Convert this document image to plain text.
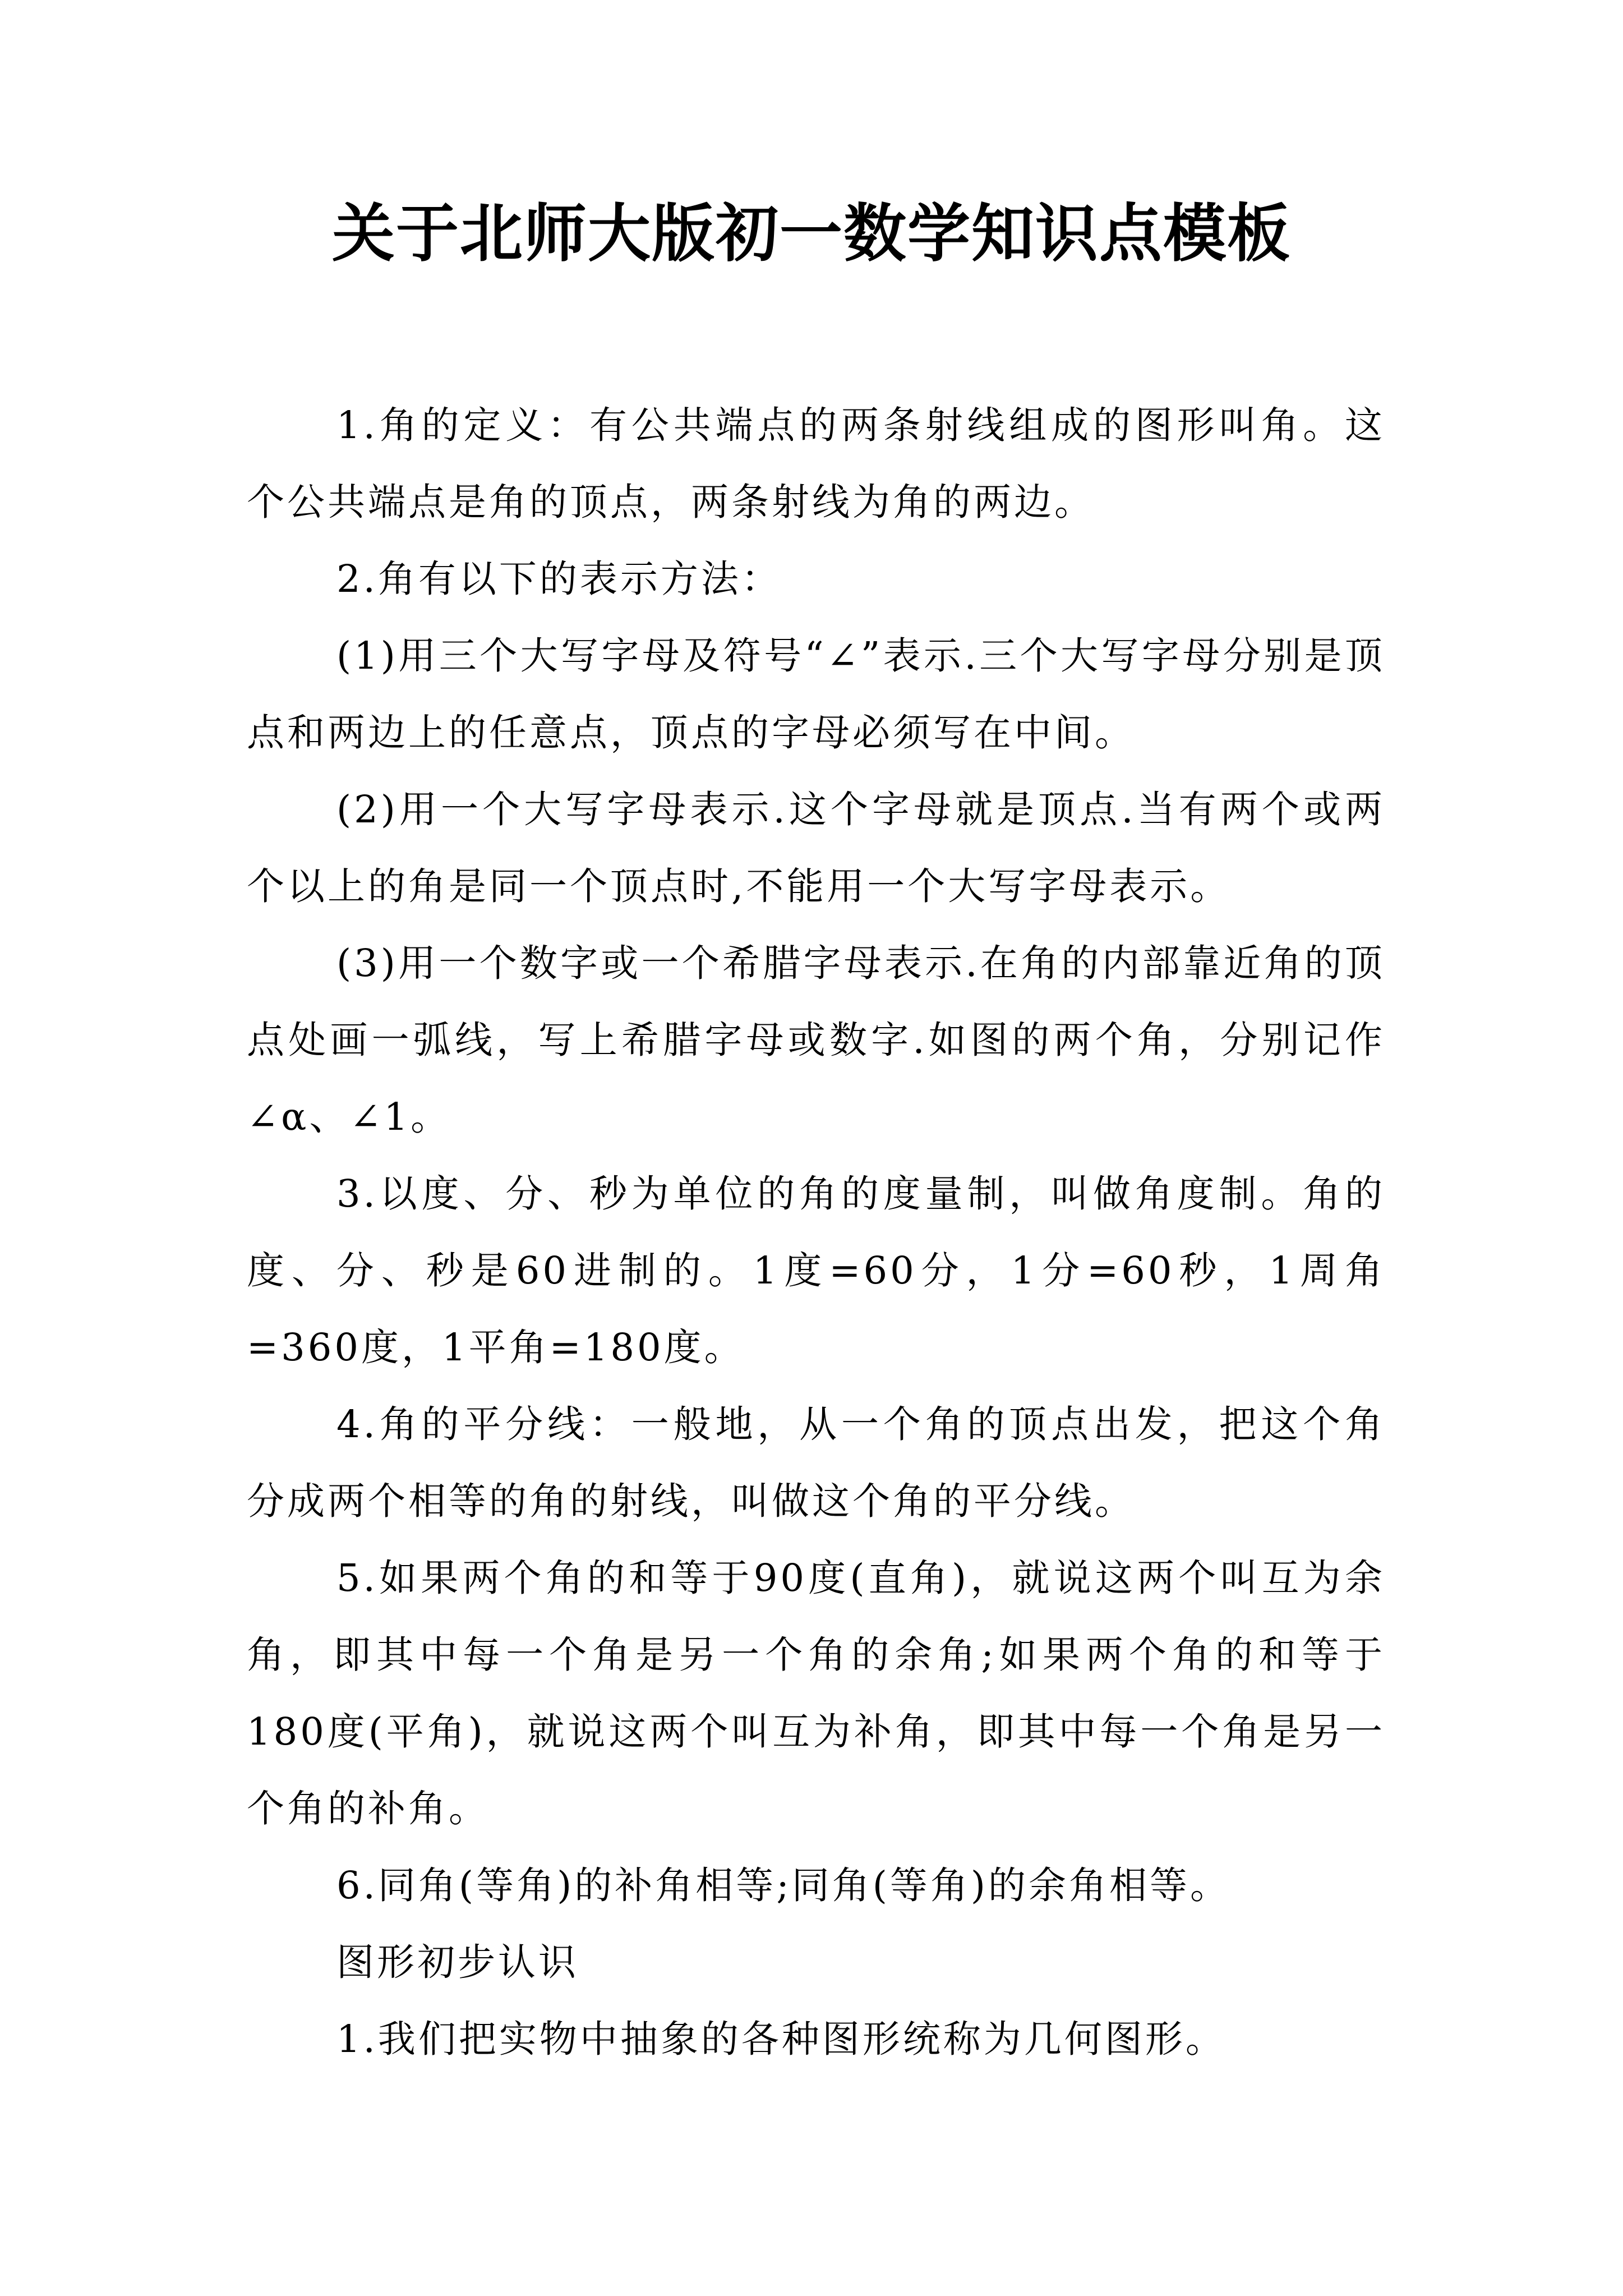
关于北师大版初一数学知识点模板

1.角的定义：有公共端点的两条射线组成的图形叫角。这个公共端点是角的顶点，两条射线为角的两边。

2.角有以下的表示方法：

(1)用三个大写字母及符号“∠”表示.三个大写字母分别是顶点和两边上的任意点，顶点的字母必须写在中间。

(2)用一个大写字母表示.这个字母就是顶点.当有两个或两个以上的角是同一个顶点时,不能用一个大写字母表示。

(3)用一个数字或一个希腊字母表示.在角的内部靠近角的顶点处画一弧线，写上希腊字母或数字.如图的两个角，分别记作∠α、∠1。

3.以度、分、秒为单位的角的度量制，叫做角度制。角的度、分、秒是60进制的。1度=60分，1分=60秒，1周角=360度，1平角=180度。

4.角的平分线：一般地，从一个角的顶点出发，把这个角分成两个相等的角的射线，叫做这个角的平分线。

5.如果两个角的和等于90度(直角)，就说这两个叫互为余角，即其中每一个角是另一个角的余角;如果两个角的和等于180度(平角)，就说这两个叫互为补角，即其中每一个角是另一个角的补角。

6.同角(等角)的补角相等;同角(等角)的余角相等。

图形初步认识

1.我们把实物中抽象的各种图形统称为几何图形。
